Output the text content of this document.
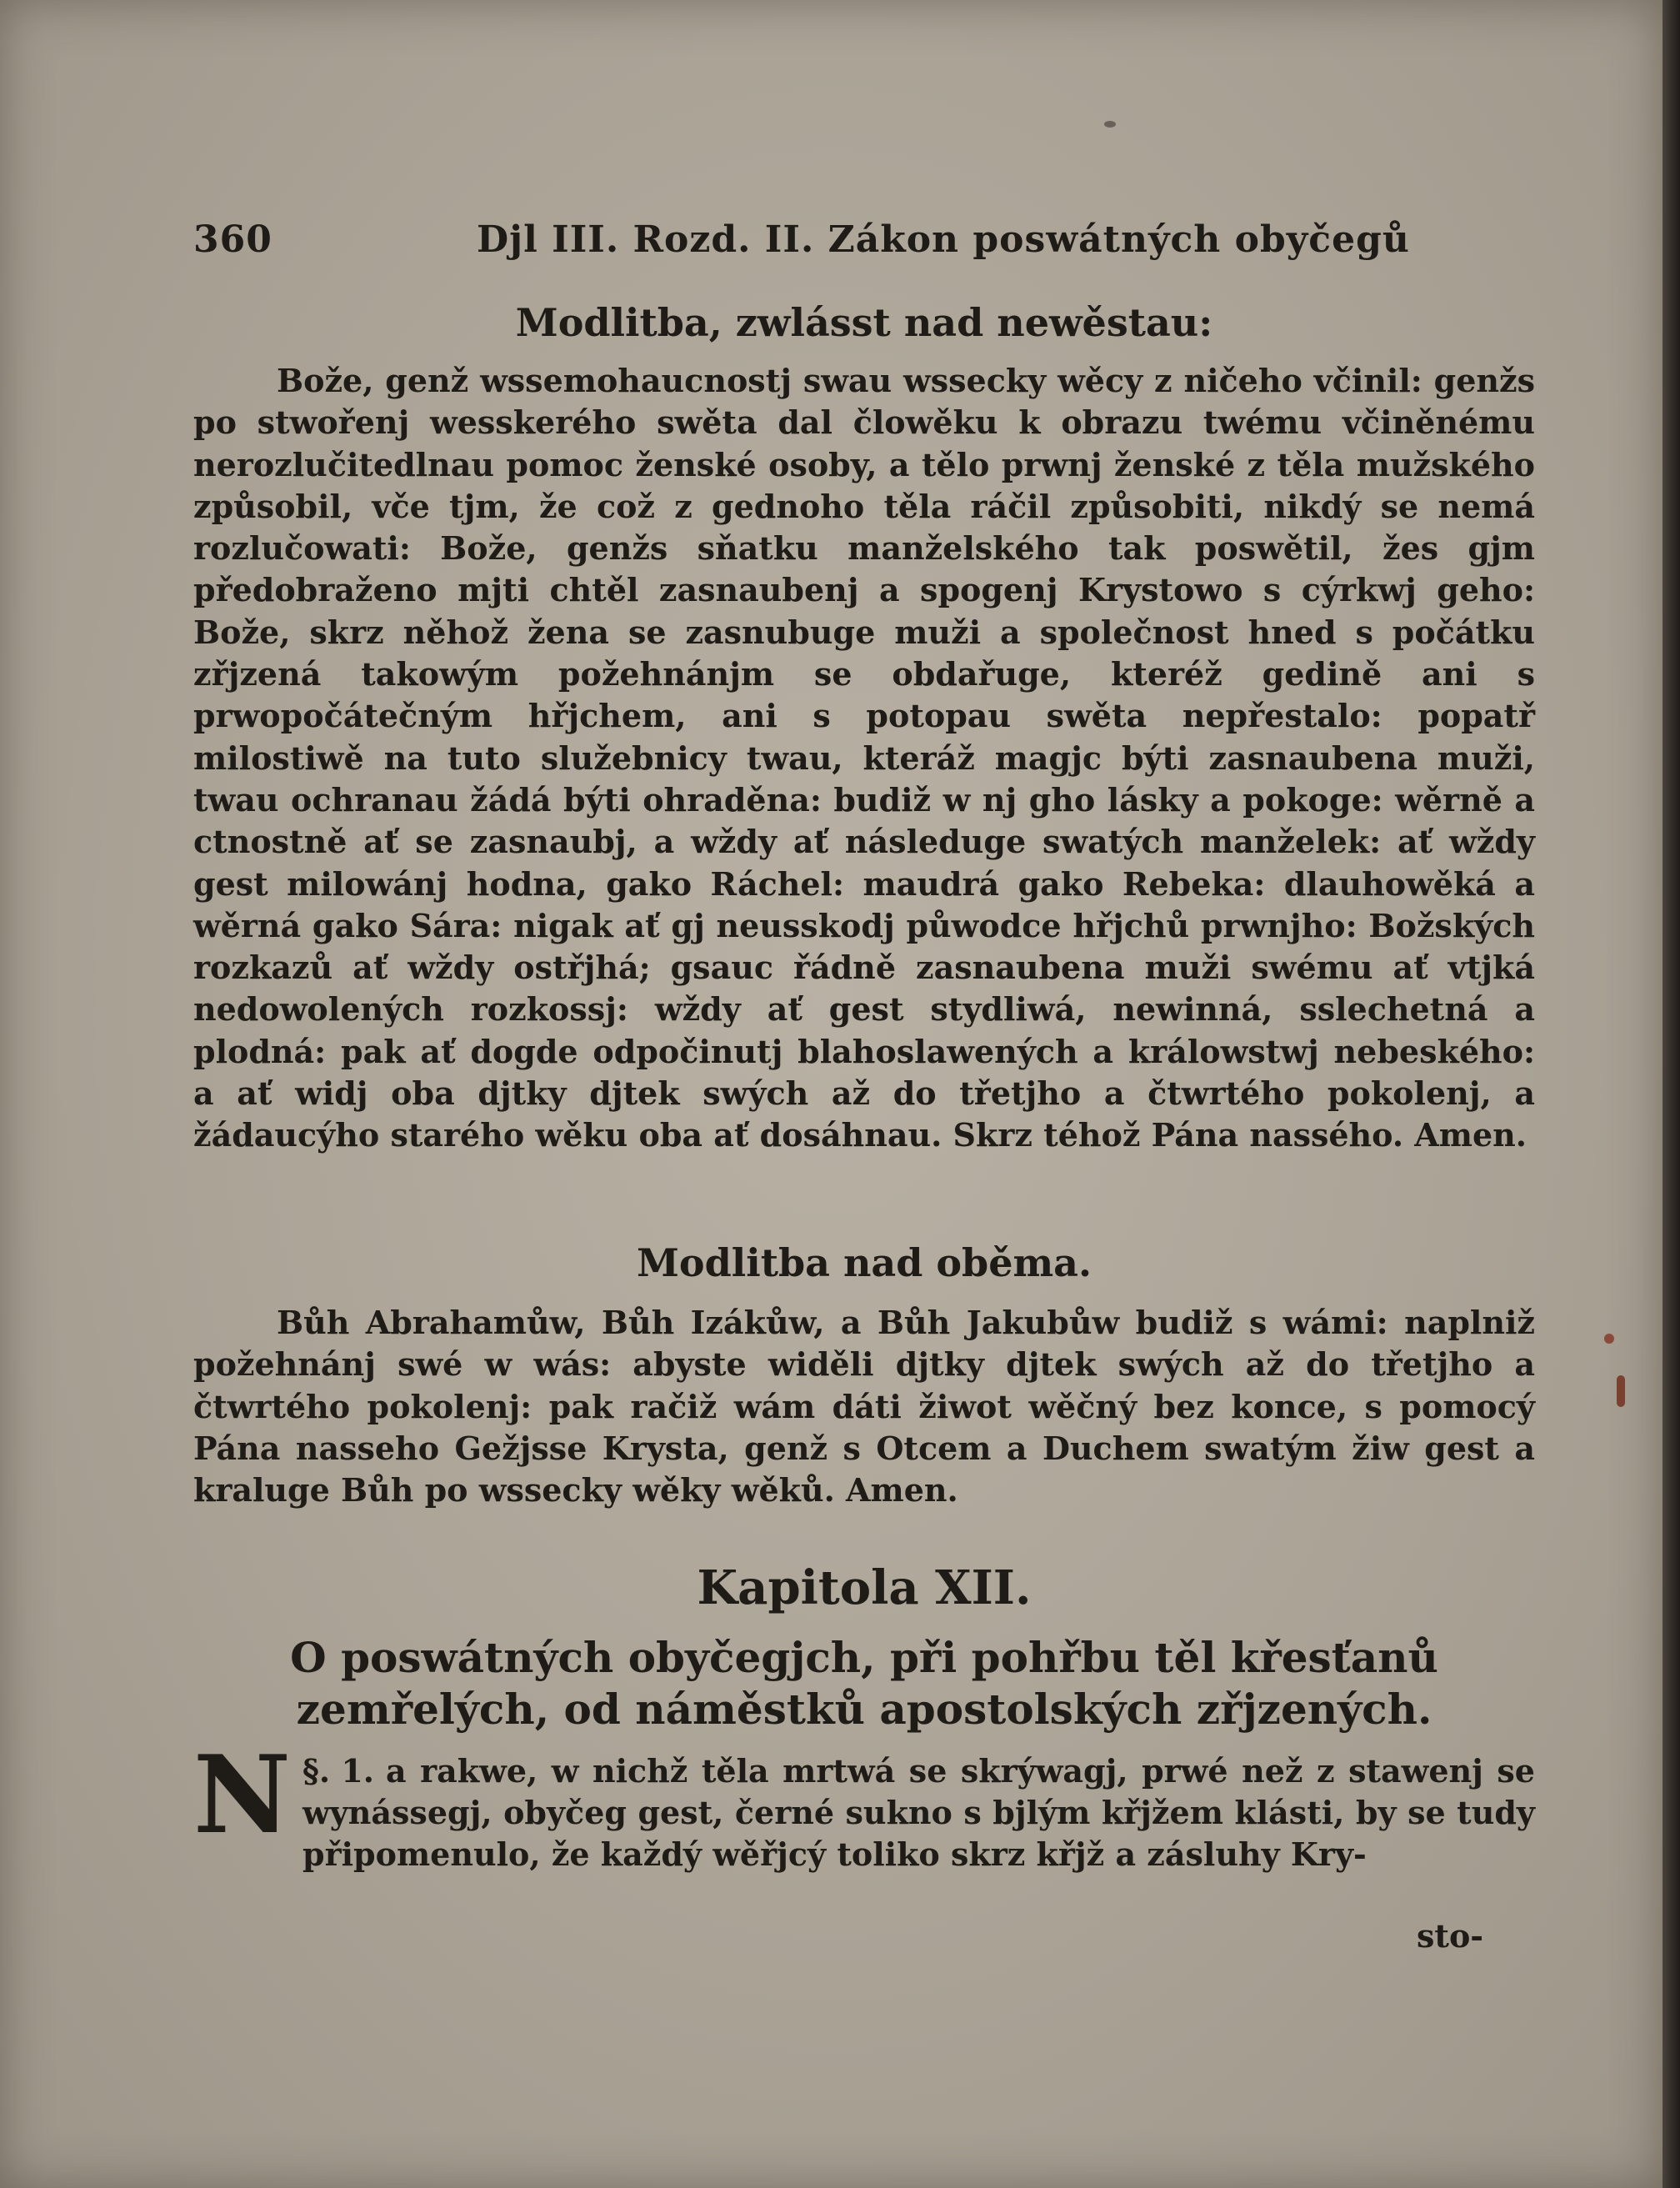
360	Djl III. Rozd. II. Zákon poswátných obyčegů
Modlitba, zwlásst nad newěstau:
Bože, genž wssemohaucnostj swau wssecky wěcy z ničeho včinil: genžs po stwořenj wesskerého swěta dal člowěku k obrazu twému včiněnému nerozlučitedlnau pomoc ženské osoby, a tělo prwnj ženské z těla mužského způsobil, vče tjm, že což z gednoho těla ráčil způsobiti, nikdý se nemá rozlučowati: Bože, genžs sňatku manželského tak poswětil, žes gjm předobraženo mjti chtěl zasnaubenj a spogenj Krystowo s cýrkwj geho: Bože, skrz něhož žena se zasnubuge muži a společnost hned s počátku zřjzená takowým požehnánjm se obdařuge, kteréž gedině ani s prwopočátečným hřjchem, ani s potopau swěta nepřestalo: popatř milostiwě na tuto služebnicy twau, kteráž magjc býti zasnaubena muži, twau ochranau žádá býti ohraděna: budiž w nj gho lásky a pokoge: wěrně a ctnostně ať se zasnaubj, a wždy ať následuge swatých manželek: ať wždy gest milowánj hodna, gako Ráchel: maudrá gako Rebeka: dlauhowěká a wěrná gako Sára: nigak ať gj neusskodj půwodce hřjchů prwnjho: Božských rozkazů ať wždy ostřjhá; gsauc řádně zasnaubena muži swému ať vtjká nedowolených rozkossj: wždy ať gest stydliwá, newinná, sslechetná a plodná: pak ať dogde odpočinutj blahoslawených a králowstwj nebeského: a ať widj oba djtky djtek swých až do třetjho a čtwrtého pokolenj, a žádaucýho starého wěku oba ať dosáhnau. Skrz téhož Pána nassého. Amen.
Modlitba nad oběma.
Bůh Abrahamůw, Bůh Izákůw, a Bůh Jakubůw budiž s wámi: naplniž požehnánj swé w wás: abyste widěli djtky djtek swých až do třetjho a čtwrtého pokolenj: pak račiž wám dáti žiwot wěčný bez konce, s pomocý Pána nasseho Gežjsse Krysta, genž s Otcem a Duchem swatým žiw gest a kraluge Bůh po wssecky wěky wěků. Amen.
Kapitola XII.
O poswátných obyčegjch, při pohřbu těl křesťanů zemřelých, od náměstků apostolských zřjzených.
§. 1.
N	a rakwe, w nichž těla mrtwá se skrýwagj, prwé než z stawenj se wynássegj, obyčeg gest, černé sukno s bjlým křjžem klásti, by se tudy připomenulo, že každý wěřjcý toliko skrz křjž a zásluhy Kry-
sto-
